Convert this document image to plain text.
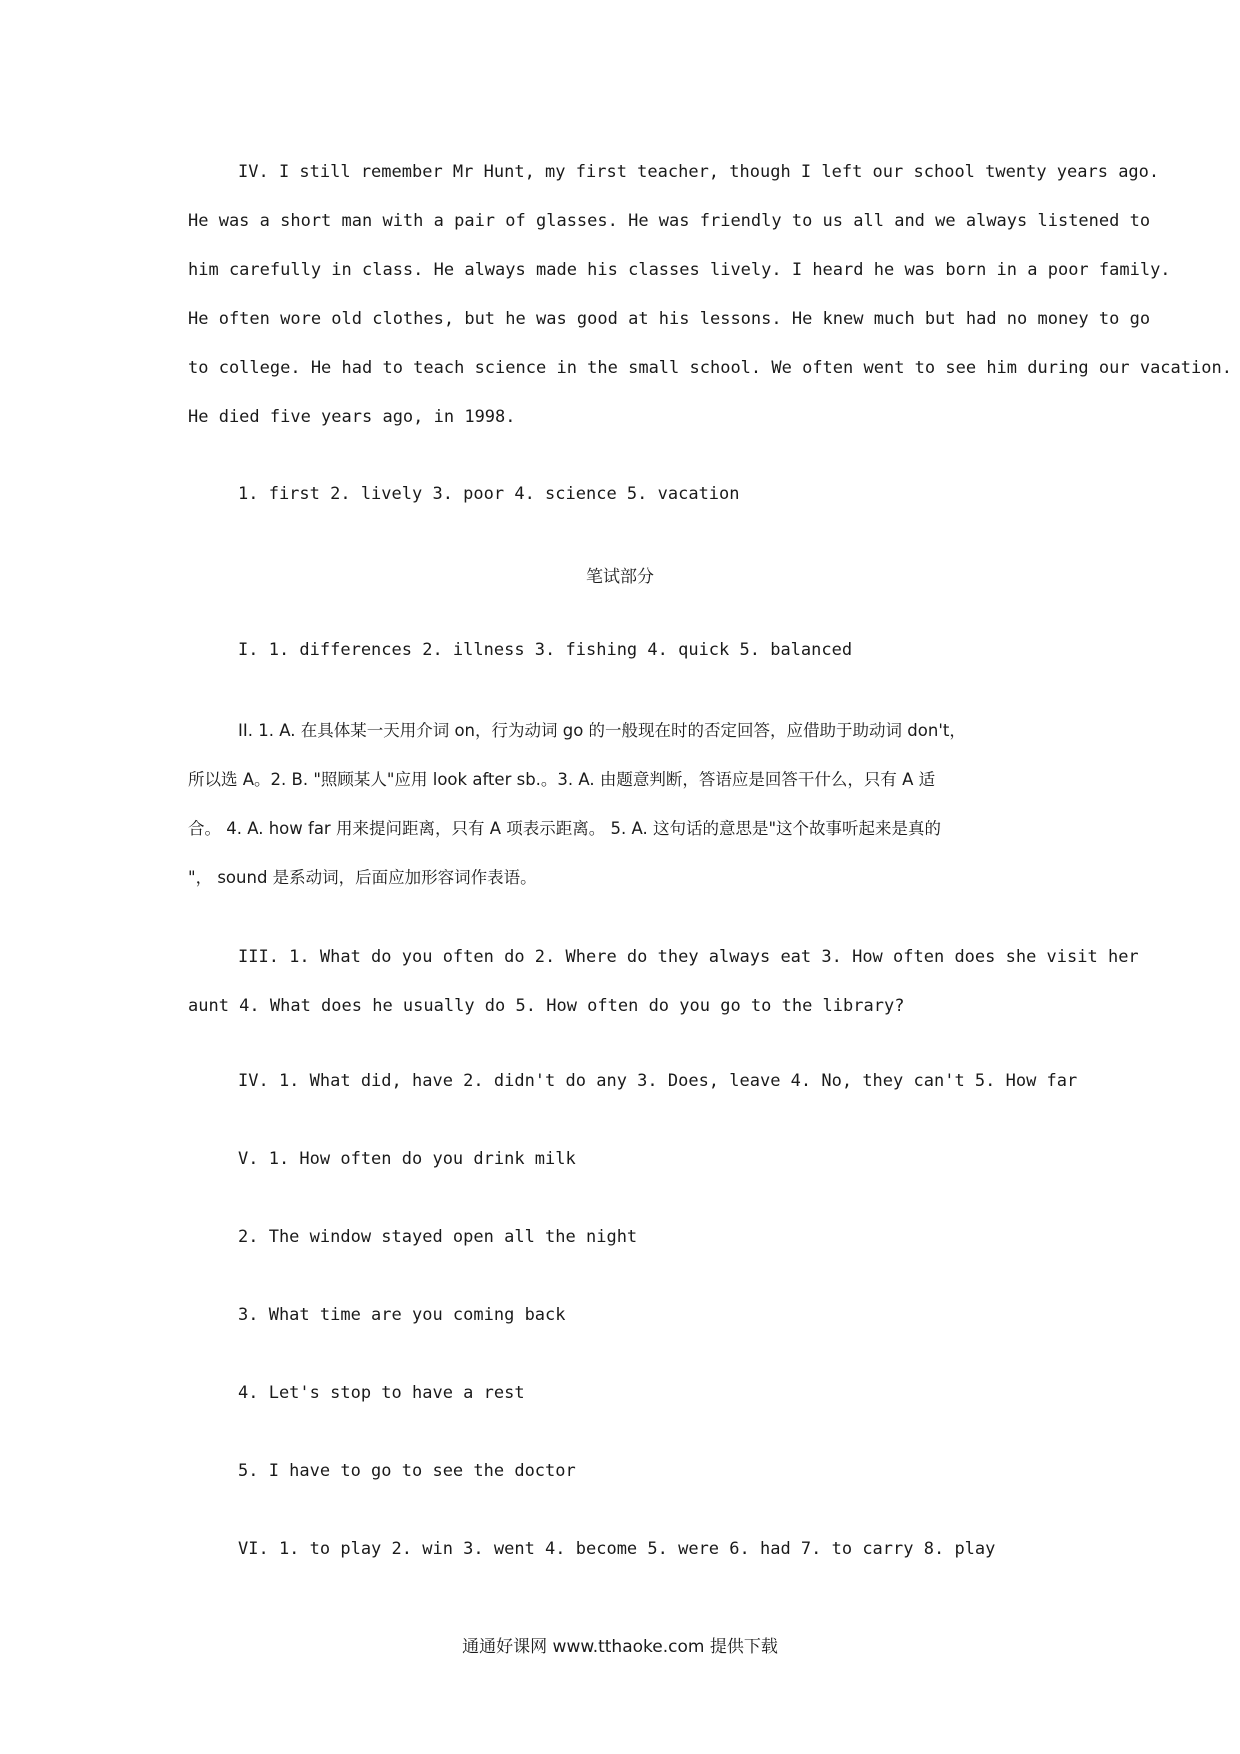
IV. I still remember Mr Hunt, my first teacher, though I left our school twenty years ago.
He was a short man with a pair of glasses. He was friendly to us all and we always listened to
him carefully in class. He always made his classes lively. I heard he was born in a poor family.
He often wore old clothes, but he was good at his lessons. He knew much but had no money to go
to college. He had to teach science in the small school. We often went to see him during our vacation.
He died five years ago, in 1998.
1. first 2. lively 3. poor 4. science 5. vacation
笔试部分
I. 1. differences 2. illness 3. fishing 4. quick 5. balanced
II. 1. A. 在具体某一天用介词 on，行为动词 go 的一般现在时的否定回答，应借助于助动词 don't，
所以选 A。2. B. "照顾某人"应用 look after sb.。3. A. 由题意判断，答语应是回答干什么，只有 A 适
合。 4. A. how far 用来提问距离，只有 A 项表示距离。 5. A. 这句话的意思是"这个故事听起来是真的
"， sound 是系动词，后面应加形容词作表语。
III. 1. What do you often do 2. Where do they always eat 3. How often does she visit her
aunt 4. What does he usually do 5. How often do you go to the library?
IV. 1. What did, have 2. didn't do any 3. Does, leave 4. No, they can't 5. How far
V. 1. How often do you drink milk
2. The window stayed open all the night
3. What time are you coming back
4. Let's stop to have a rest
5. I have to go to see the doctor
VI. 1. to play 2. win 3. went 4. become 5. were 6. had 7. to carry 8. play
通通好课网 www.tthaoke.com 提供下载
